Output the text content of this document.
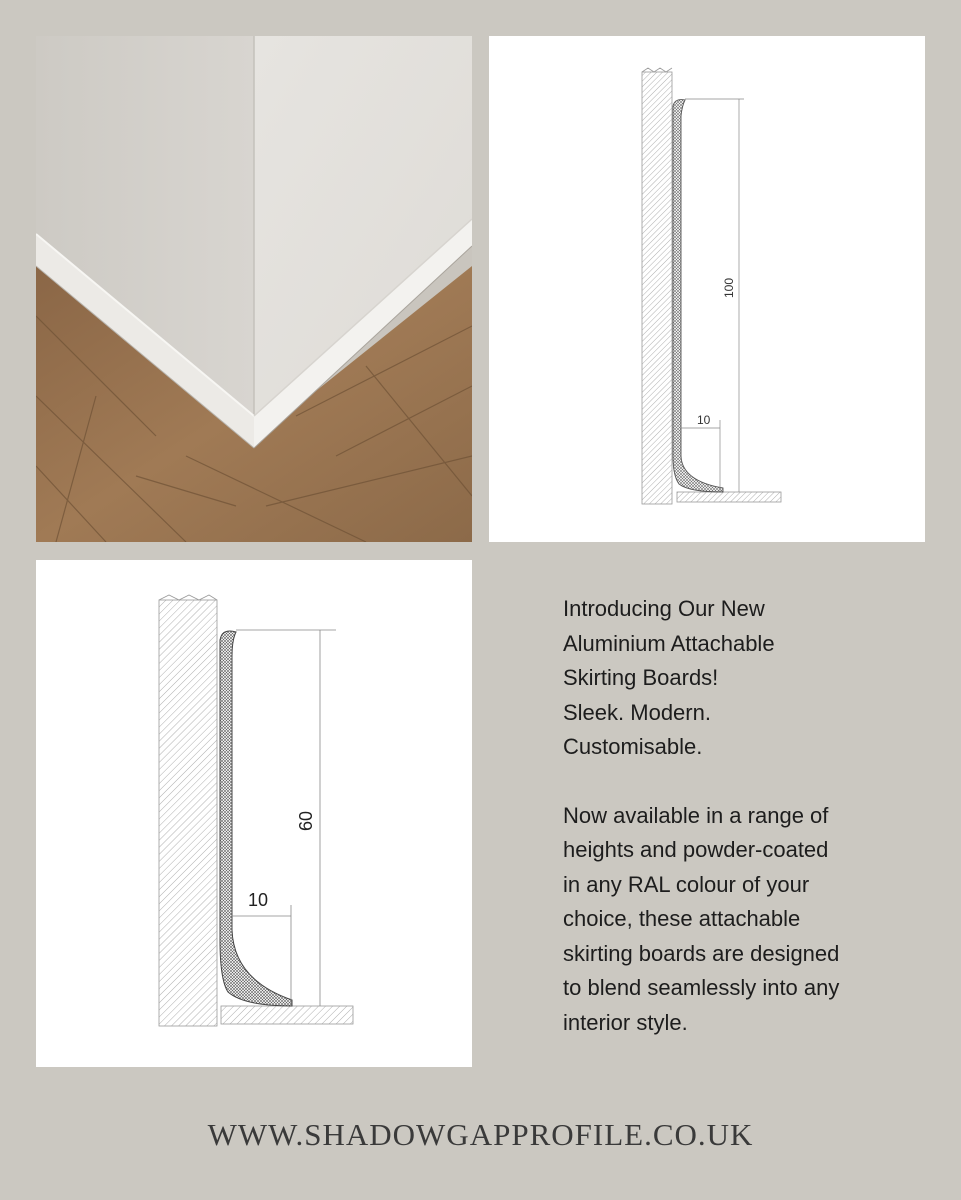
100
10
60
10

Introducing Our New

Aluminium Attachable

Skirting Boards!

Sleek. Modern.

Customisable.

Now available in a range of

heights and powder-coated

in any RAL colour of your

choice, these attachable

skirting boards are designed

to blend seamlessly into any

interior style.

WWW.SHADOWGAPPROFILE.CO.UK
